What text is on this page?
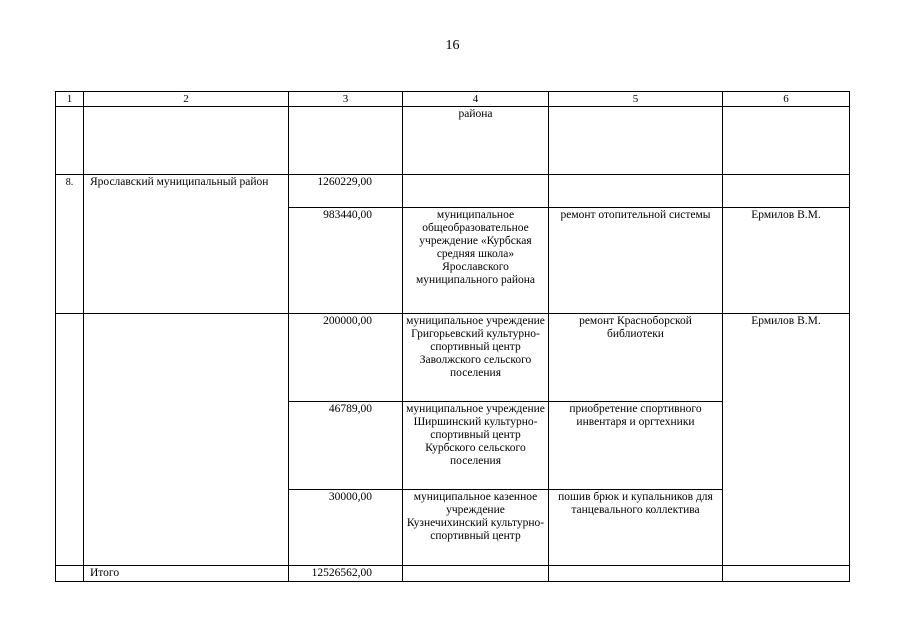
16
1	2	3	4	5	6
			района		
8.	Ярославский муниципальный район	1260229,00			
		983440,00	муниципальное общеобразовательное учреждение «Курбская средняя школа» Ярославского муниципального района	ремонт отопительной системы	Ермилов В.М.
		200000,00	муниципальное учреждение Григорьевский культурно-спортивный центр Заволжского сельского поселения	ремонт Красноборской библиотеки	Ермилов В.М.
		46789,00	муниципальное учреждение Ширшинский культурно-спортивный центр Курбского сельского поселения	приобретение спортивного инвентаря и оргтехники	
		30000,00	муниципальное казенное учреждение Кузнечихинский культурно-спортивный центр	пошив брюк и купальников для танцевального коллектива	
	Итого	12526562,00			
